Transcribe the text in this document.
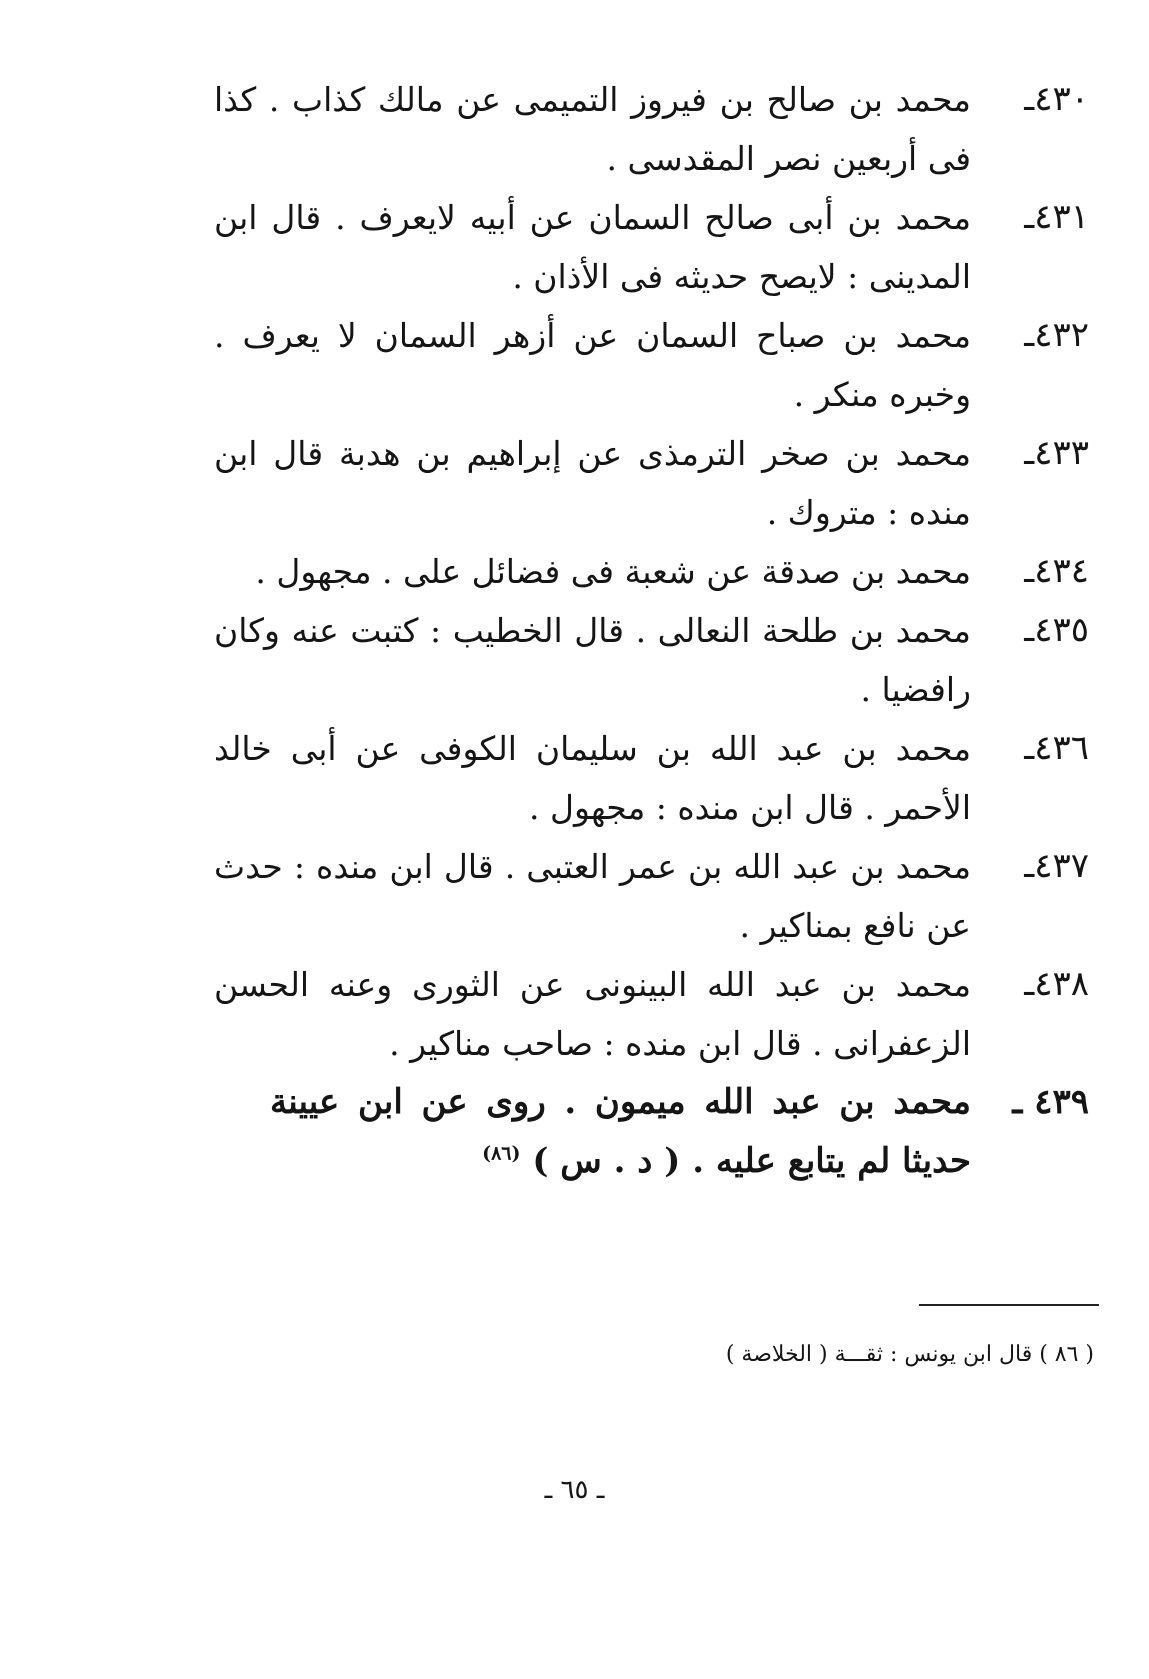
٤٣٠ـ
محمد بن صالح بن فيروز التميمى عن مالك كذاب . كذا فى أربعين نصر المقدسى .
٤٣١ـ
محمد بن أبى صالح السمان عن أبيه لايعرف . قال ابن المدينى : لايصح حديثه فى الأذان .
٤٣٢ـ
محمد بن صباح السمان عن أزهر السمان لا يعرف . وخبره منكر .
٤٣٣ـ
محمد بن صخر الترمذى عن إبراهيم بن هدبة قال ابن منده : متروك .
٤٣٤ـ
محمد بن صدقة عن شعبة فى فضائل على . مجهول .
٤٣٥ـ
محمد بن طلحة النعالى . قال الخطيب : كتبت عنه وكان رافضيا .
٤٣٦ـ
محمد بن عبد الله بن سليمان الكوفى عن أبى خالد الأحمر . قال ابن منده : مجهول .
٤٣٧ـ
محمد بن عبد الله بن عمر العتبى . قال ابن منده : حدث عن نافع بمناكير .
٤٣٨ـ
محمد بن عبد الله البينونى عن الثورى وعنه الحسن الزعفرانى . قال ابن منده : صاحب مناكير .
٤٣٩ ـ
محمد بن عبد الله ميمون . روى عن ابن عيينة حديثا لم يتابع عليه . ( د . س ) $^{(٨٦)}$
( ٨٦ ) قال ابن يونس : ثقـــة ( الخلاصة )
ـ ٦٥ ـ
